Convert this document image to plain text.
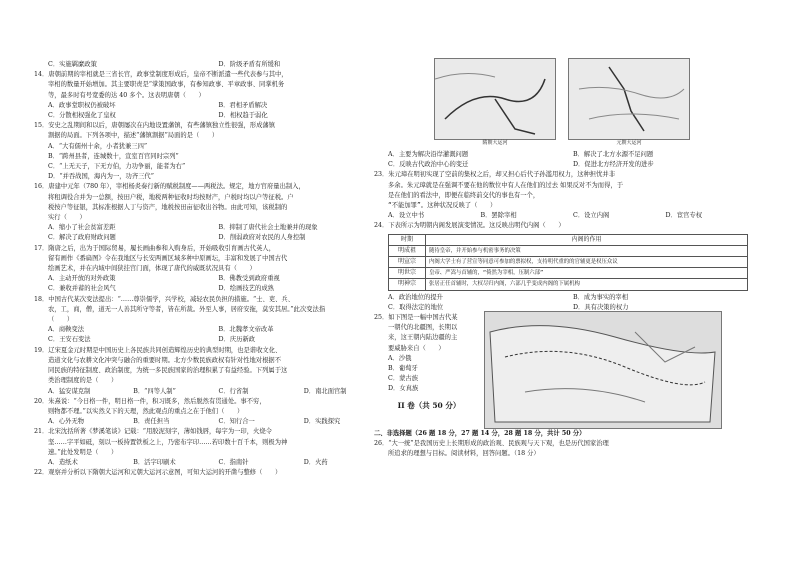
C．实施羁縻政策	D．阶级矛盾有所缓和

14．唐朝前期的宰相就是三省长官，政事堂制度形成后，皇帝不断派遣一些代表参与其中，
宰相的数量开始增加。其主要职责是“掌策国政事，有参知政事、平章政事、同掌机务
等，最多时有号宽委的达 40 多个。这表明唐朝（　　）

A．政事堂职权仍被破坏	B．君相矛盾解决
C．分散相权强化了皇权	D．相权趋于弱化

15．安史之乱期间和以后，唐朝屡次在内地设置藩镇，有些藩镇独立性很强，形成藩镇
割据的局面。下列各项中，描述“藩镇割据”局面的是（　　）

A．“大有儒州十余，小者犹兼三四”
B．“跨州县者，连城数十，宣室百官同时宗列”
C．“上无天子，下无方伯，力功争丽，能者为右”
D．“并吞战国，海内为一，功齐三代”

16．唐建中元年（780 年），宰相杨炎奏行新的赋税制度——两税法。规定，地方官府量出制入，
将租调役合并为一总额，按田户税，地税两种征收时均按财产，户税时均以户等征税。户
税按户等征银，其标准根据人丁与资产，地税按田亩征收出谷物。由此可知，该税制的
实行（　　）

A．缩小了社会贫富差距	B．抑制了唐代社会土地兼并的现象
C．解决了政府财政问题	D．削弱政府对农民的人身控制

17．隋唐之后，出为于国际贸易，履长画曲参和入购身后，开始吸收引育画古代英人，
留有画作《番扁图》令在我地区与长安两画区域多种中原画坛，丰富和发展了中国古代
绘画艺术，并在内域中间狭挂宫门面，体现了唐代的威既状况具有（　　）

A．主动开放的对外政策	B．佛教受到政府重视
C．兼收并蓄的社会风气	D．绘画技艺的成熟

18．中国古代某次变法提出：“……尊崇儒学，兴学校，减轻农民负担的措施。“士、吏、兵、
农，工，商，僧，道无一人善其所守等者，皆在所裁。外至人事，居府安拖，莫安其居。”此次变法指
（　　）

A．商鞅变法	B．北魏孝文帝改革
C．王安石变法	D．庆历新政

19．辽宋夏金元时期是中国历史上各民族共同创造辉煌历史的典型时期，也是谐收文化、
造道文化与农耕文化冲突与融合的重要时期。北方少数民族政权有针对性地对根据不
同民族的特征制度、政治制度，为统一多民族国家的治理积累了有益经验。下列属于这
类治理制度的是（　　）

A．猛安谋克制	B．“四等人制”	C．行省制	D．南北面官制

20．朱熹说：“今日格一件，明日格一件，积习既多，然后脱然有贯通处。事不穷，
则物都不理。”以实然义下的天理，然此观点的重点之在于他们（　　）

A．心外无物	B．责任担当	C．知行合一	D．实践探究

21．北宋沈括所著《梦溪笔谈》记载：“用胶泥刻字，薄如钱唇，每字为一印，火烧令
坚……字平如砥，刻以一板持置铁板之上，乃密布字印……若印数十百千本，则极为神
速。”此处发明是（　　）

A．造纸术	B．活字印刷术	C．指南针	D．火药

22．观察并分析以下隋朝大运河和元朝大运河示意图，可知大运河的开凿与整修（　　）

隋朝大运河	元朝大运河
A．主要为解决沿岸灌溉问题	B．解决了北方水源不足问题
C．反映古代政治中心的变迁	D．促进北方经济开发的进步

23．朱元璋在明初实现了空前的集权之后，却又担心后代子孙滥用权力，这种担忧并非
多余。朱元璋就是在强调不要在他的数位中有人在他们的过去 如果反对不为而得，于
是在他们的看法中，即便在临终前交代的事也有一个，
“不能加罪”。这种状况反映了（　　）

A．设立中书	B．罢除宰相	C．设立内阁	D．宦官专权

24．下表所示为明朝内阁发展演变情况。这反映出明代内阁（　　）

时期	内阁的作用
明成祖	随待皇帝，并开始参与机密事务的决策
明宣宗	内阁大学士有了营宣等同意可参加的票拟权，支持明代重的的官辅更是权压众议
明世宗	皇帝、严嵩与首辅的，“倚然为宰相，压制六部”
明神宗	张居正任首辅时，大权尽归内阁，六部几乎变成内阁的下属机构
A．政治地位的提升	B．成为事实的宰相
C．取得法定的地位	D．具有决策的权力
25．如下图是一幅中国古代某
一朝代的北疆图，长期以
来，这王朝内陆边疆的主
要威胁来自（　　）
A．沙俄
B．葡萄牙
C．蒙古族
D．女真族
II 卷（共 50 分）

二、非选择题（26 题 18 分，27 题 14 分，28 题 18 分，共计 50 分）

26．“大一统”是我国历史上长期形成的政治观、民族观与天下观，也是历代国家治理
所追求的理想与目标。阅读材料，回答问题。（18 分）
